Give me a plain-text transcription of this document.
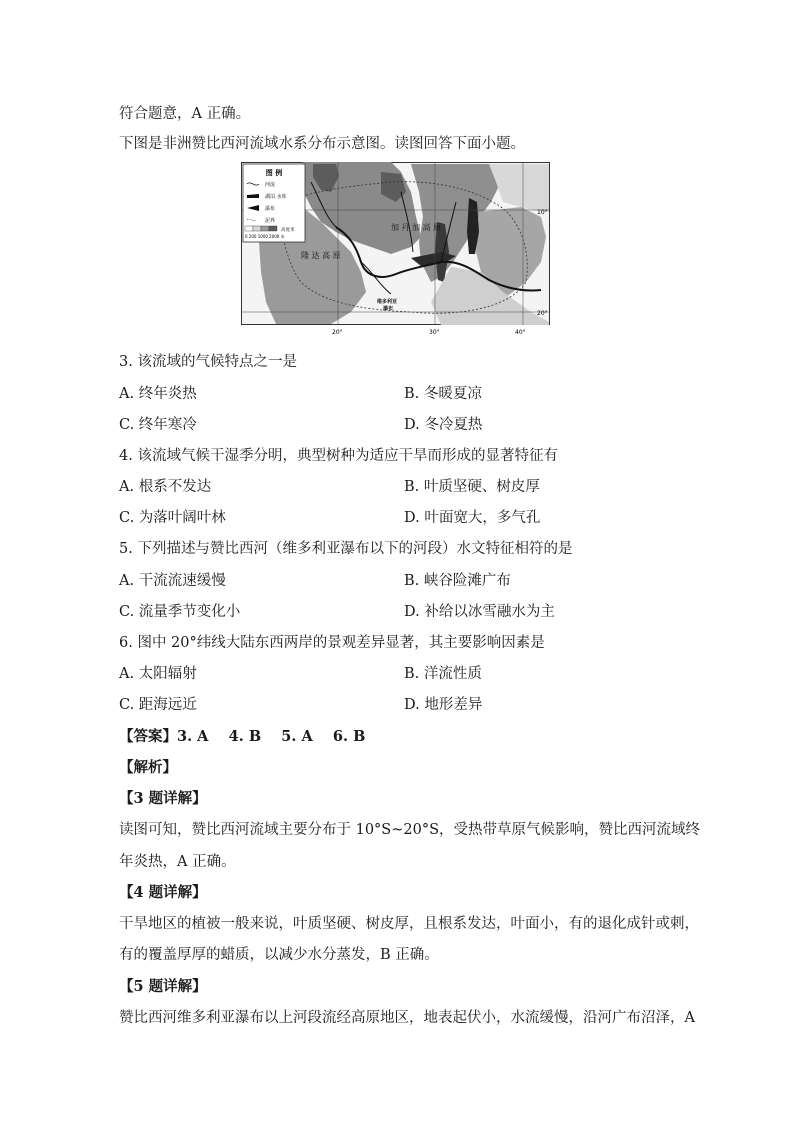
符合题意，A 正确。
下图是非洲赞比西河流域水系分布示意图。读图回答下面小题。
图 例
河流
湖泊 水库
瀑布
泥界
高度米
0 200 1000 2000 米
加 丹 加 高 原
隆 达 高 原
维多利亚
瀑布
10°
20°
20°	30°	40°
3. 该流域的气候特点之一是
A. 终年炎热	B. 冬暖夏凉
C. 终年寒冷	D. 冬冷夏热
4. 该流域气候干湿季分明，典型树种为适应干旱而形成的显著特征有
A. 根系不发达	B. 叶质坚硬、树皮厚
C. 为落叶阔叶林	D. 叶面宽大，多气孔
5. 下列描述与赞比西河（维多利亚瀑布以下的河段）水文特征相符的是
A. 干流流速缓慢	B. 峡谷险滩广布
C. 流量季节变化小	D. 补给以冰雪融水为主
6. 图中 20°纬线大陆东西两岸的景观差异显著，其主要影响因素是
A. 太阳辐射	B. 洋流性质
C. 距海远近	D. 地形差异
【答案】3. A    4. B    5. A    6. B
【解析】
【3 题详解】
读图可知，赞比西河流域主要分布于 10°S~20°S，受热带草原气候影响，赞比西河流域终
年炎热，A 正确。
【4 题详解】
干旱地区的植被一般来说，叶质坚硬、树皮厚，且根系发达，叶面小，有的退化成针或刺，
有的覆盖厚厚的蜡质，以减少水分蒸发，B 正确。
【5 题详解】
赞比西河维多利亚瀑布以上河段流经高原地区，地表起伏小，水流缓慢，沿河广布沼泽，A
